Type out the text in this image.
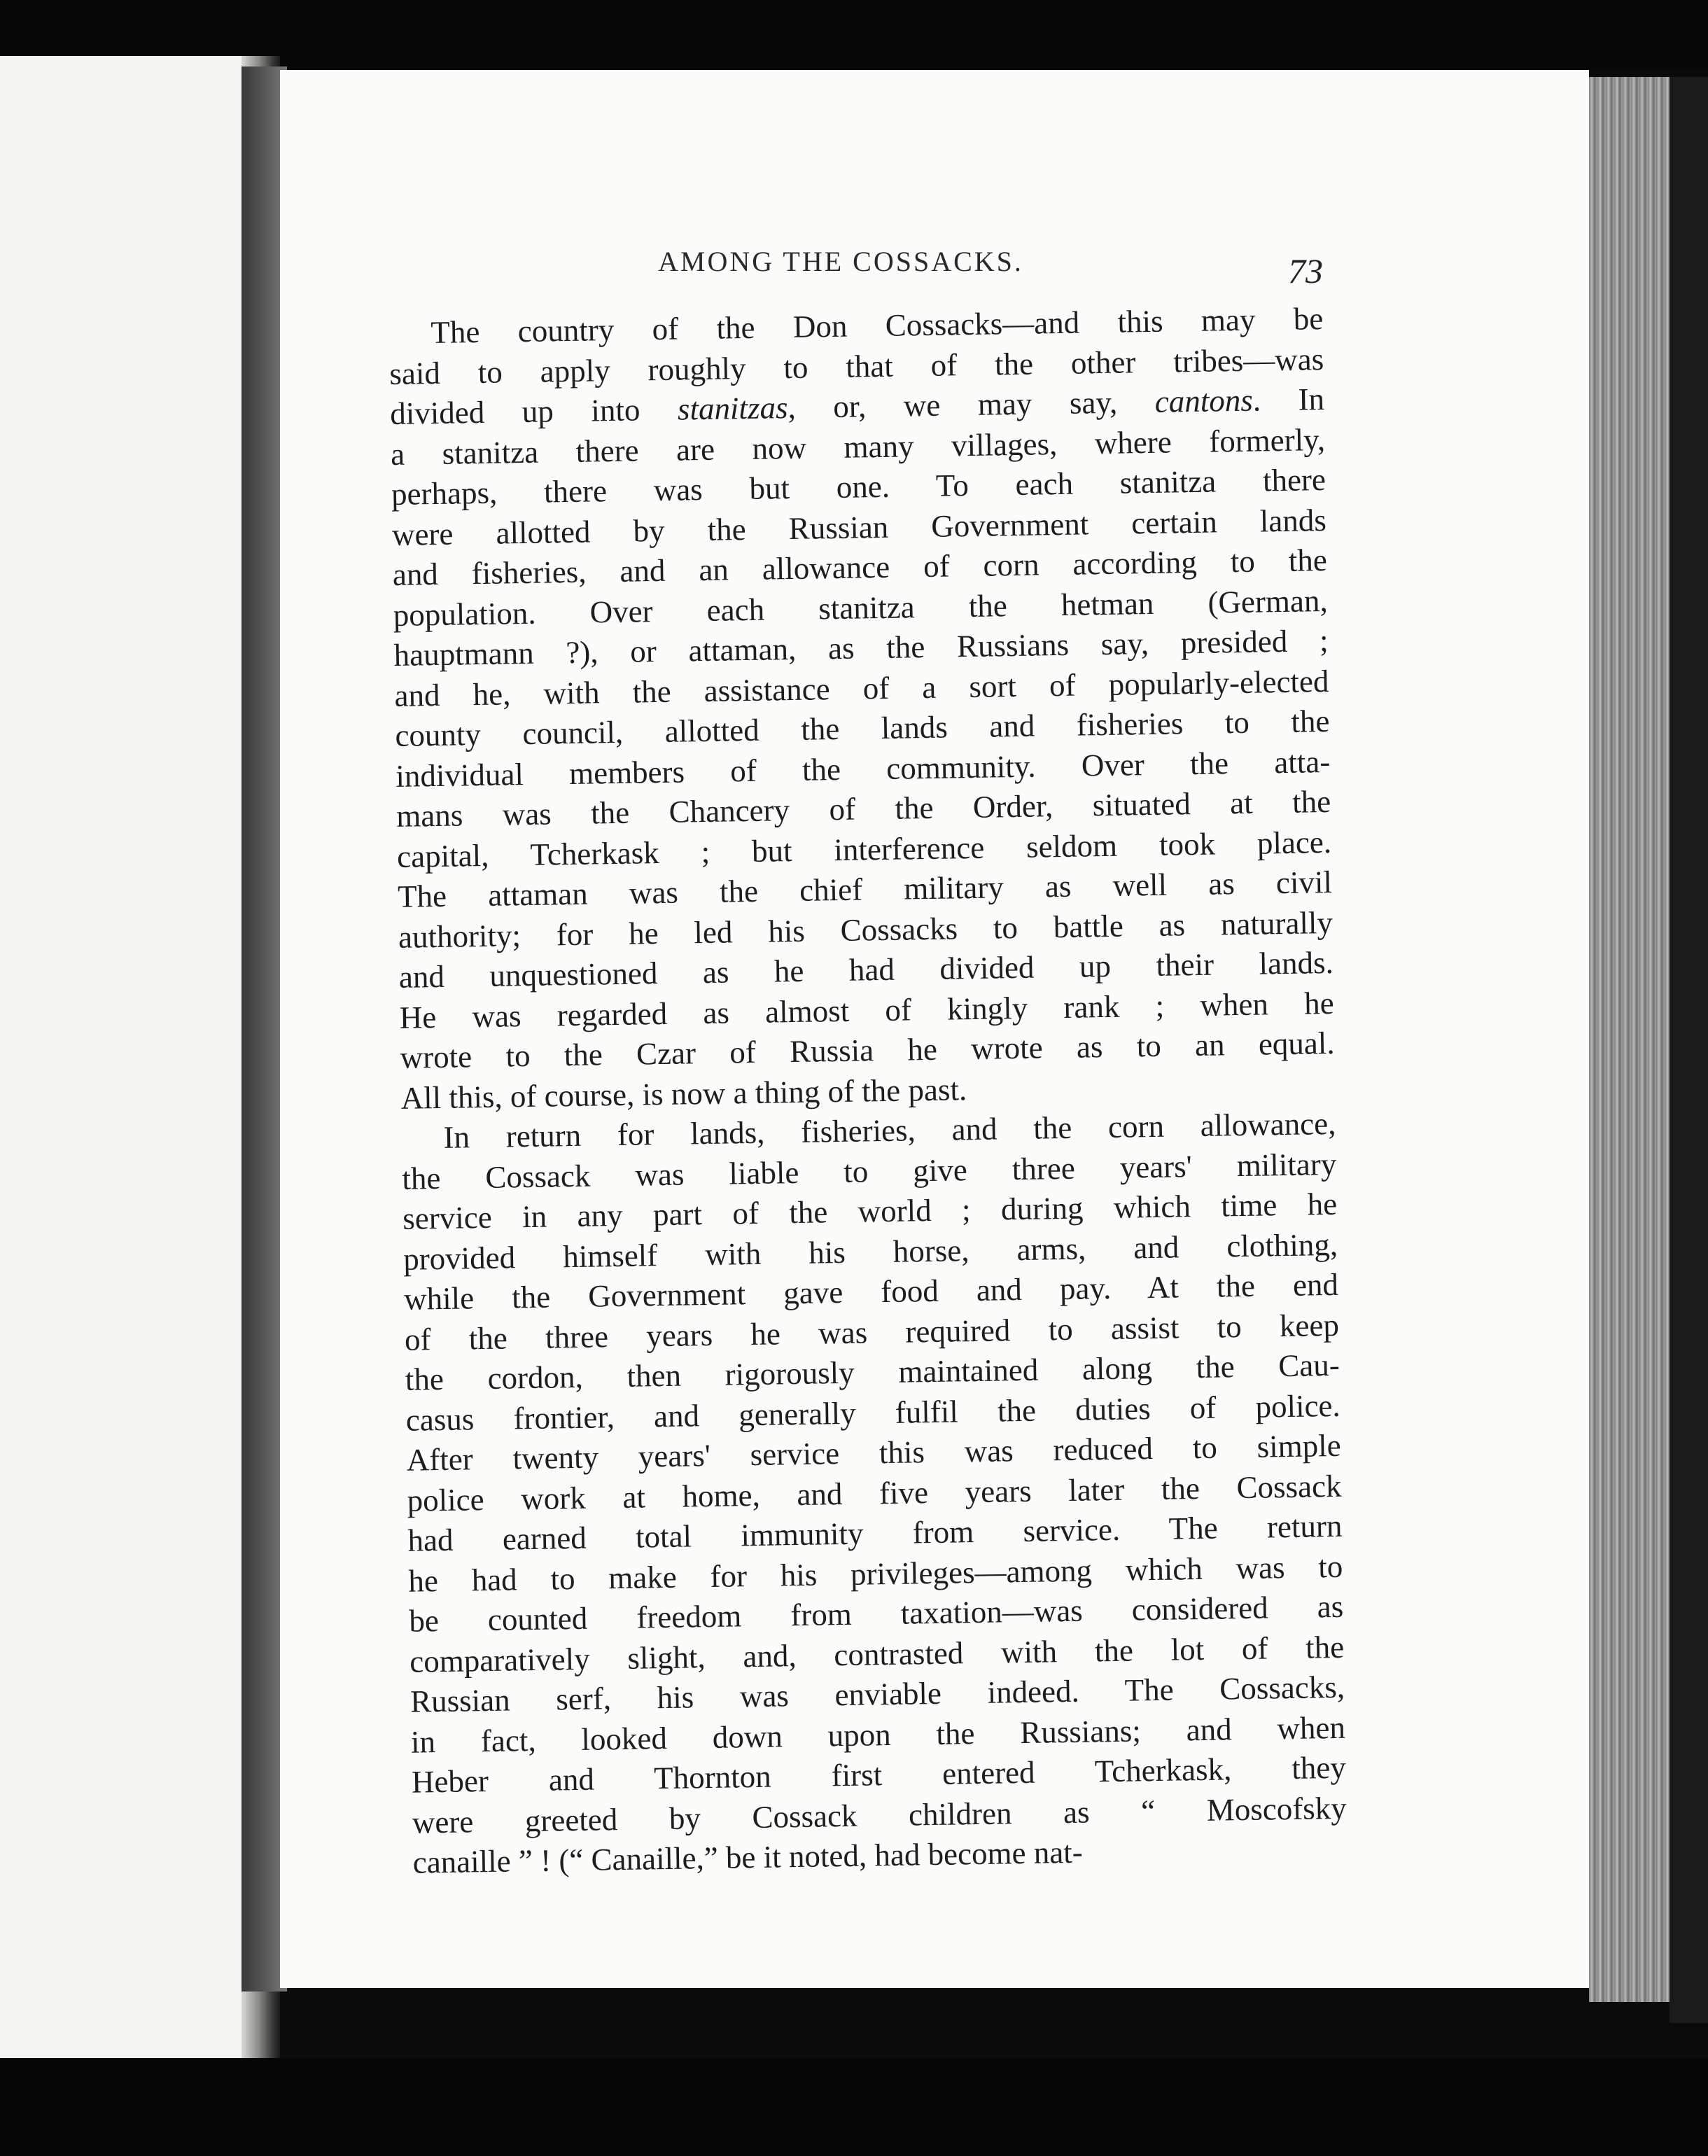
AMONG THE COSSACKS.	73
The country of the Don Cossacks—and this may be
said to apply roughly to that of the other tribes—was
divided up into stanitzas, or, we may say, cantons. In
a stanitza there are now many villages, where formerly,
perhaps, there was but one. To each stanitza there
were allotted by the Russian Government certain lands
and fisheries, and an allowance of corn according to the
population. Over each stanitza the hetman (German,
hauptmann ?), or attaman, as the Russians say, presided ;
and he, with the assistance of a sort of popularly-elected
county council, allotted the lands and fisheries to the
individual members of the community. Over the atta-
mans was the Chancery of the Order, situated at the
capital, Tcherkask ; but interference seldom took place.
The attaman was the chief military as well as civil
authority; for he led his Cossacks to battle as naturally
and unquestioned as he had divided up their lands.
He was regarded as almost of kingly rank ; when he
wrote to the Czar of Russia he wrote as to an equal.
All this, of course, is now a thing of the past.
In return for lands, fisheries, and the corn allowance,
the Cossack was liable to give three years' military
service in any part of the world ; during which time he
provided himself with his horse, arms, and clothing,
while the Government gave food and pay. At the end
of the three years he was required to assist to keep
the cordon, then rigorously maintained along the Cau-
casus frontier, and generally fulfil the duties of police.
After twenty years' service this was reduced to simple
police work at home, and five years later the Cossack
had earned total immunity from service. The return
he had to make for his privileges—among which was to
be counted freedom from taxation—was considered as
comparatively slight, and, contrasted with the lot of the
Russian serf, his was enviable indeed. The Cossacks,
in fact, looked down upon the Russians; and when
Heber and Thornton first entered Tcherkask, they
were greeted by Cossack children as “ Moscofsky
canaille ” ! (“ Canaille,” be it noted, had become nat-
